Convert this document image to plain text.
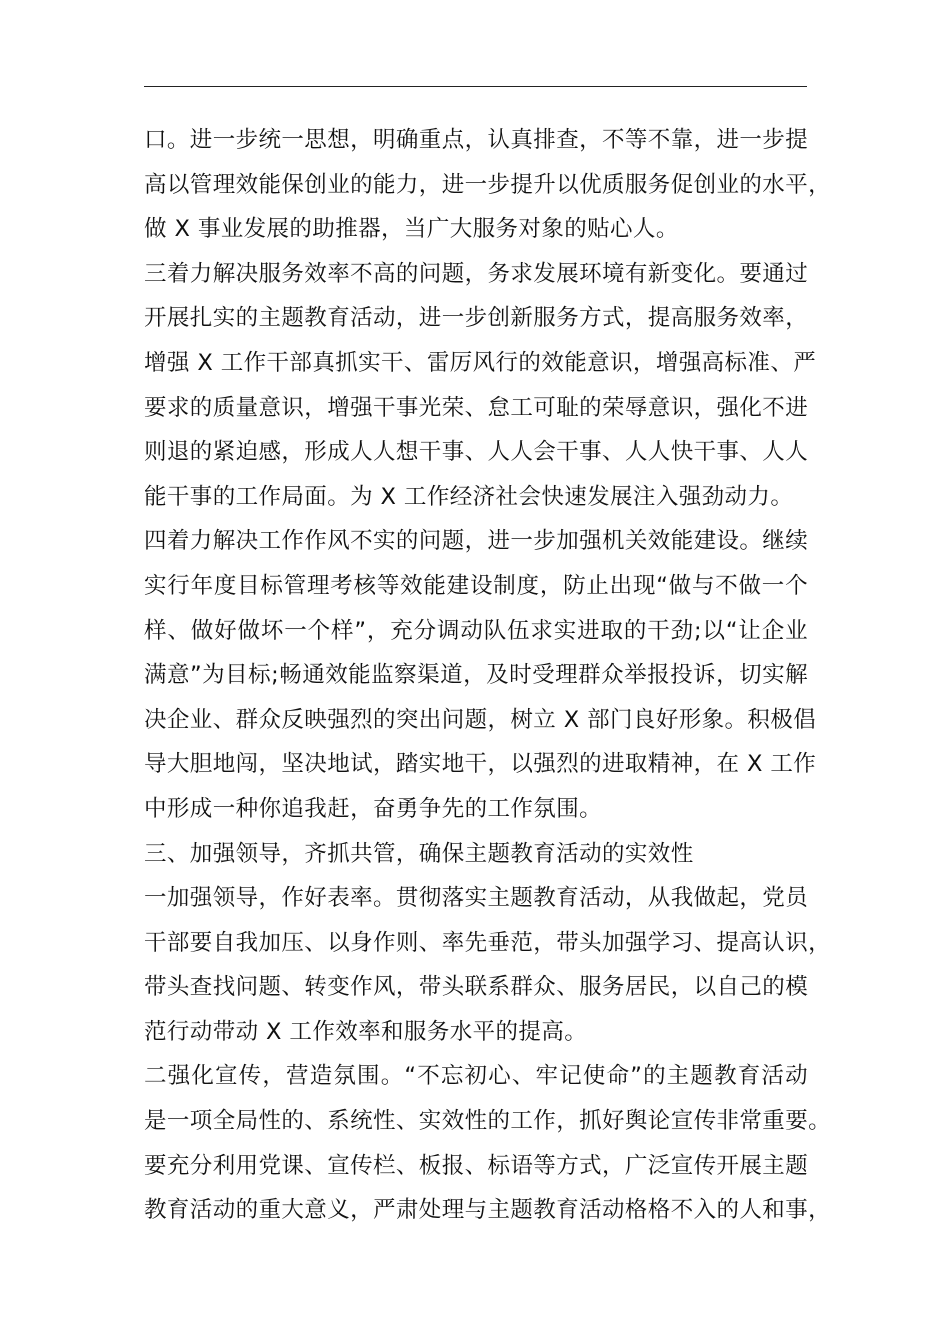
口。进一步统一思想，明确重点，认真排查，不等不靠，进一步提
高以管理效能保创业的能力，进一步提升以优质服务促创业的水平，
做 X 事业发展的助推器，当广大服务对象的贴心人。
三着力解决服务效率不高的问题，务求发展环境有新变化。要通过
开展扎实的主题教育活动，进一步创新服务方式，提高服务效率，
增强 X 工作干部真抓实干、雷厉风行的效能意识，增强高标准、严
要求的质量意识，增强干事光荣、怠工可耻的荣辱意识，强化不进
则退的紧迫感，形成人人想干事、人人会干事、人人快干事、人人
能干事的工作局面。为 X 工作经济社会快速发展注入强劲动力。
四着力解决工作作风不实的问题，进一步加强机关效能建设。继续
实行年度目标管理考核等效能建设制度，防止出现“做与不做一个
样、做好做坏一个样”，充分调动队伍求实进取的干劲;以“让企业
满意”为目标;畅通效能监察渠道，及时受理群众举报投诉，切实解
决企业、群众反映强烈的突出问题，树立 X 部门良好形象。积极倡
导大胆地闯，坚决地试，踏实地干，以强烈的进取精神，在 X 工作
中形成一种你追我赶，奋勇争先的工作氛围。
三、加强领导，齐抓共管，确保主题教育活动的实效性
一加强领导，作好表率。贯彻落实主题教育活动，从我做起，党员
干部要自我加压、以身作则、率先垂范，带头加强学习、提高认识，
带头查找问题、转变作风，带头联系群众、服务居民，以自己的模
范行动带动 X 工作效率和服务水平的提高。
二强化宣传，营造氛围。“不忘初心、牢记使命”的主题教育活动
是一项全局性的、系统性、实效性的工作，抓好舆论宣传非常重要。
要充分利用党课、宣传栏、板报、标语等方式，广泛宣传开展主题
教育活动的重大意义，严肃处理与主题教育活动格格不入的人和事，
